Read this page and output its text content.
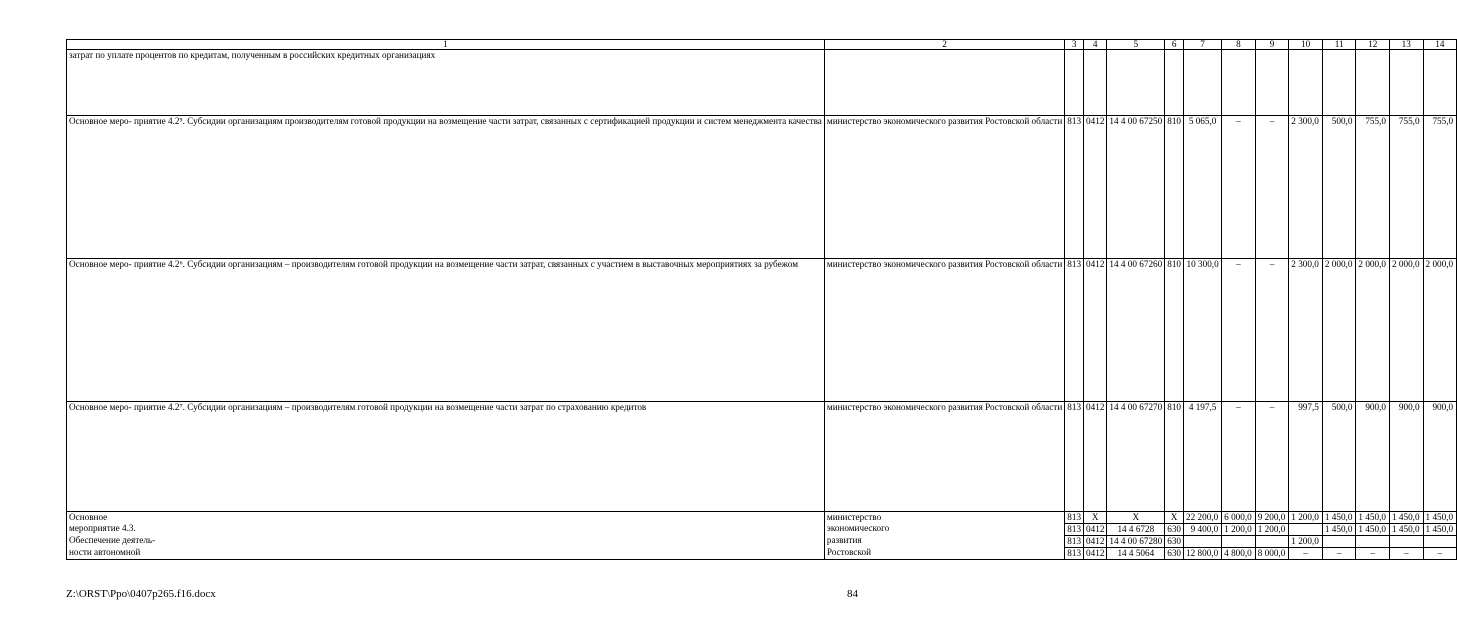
1	2	3	4	5	6	7	8	9	10	11	12	13	14
затрат по уплате процентов по кредитам, полученным в российских кредитных организациях													
Основное меро- приятие 4.2⁵. Субсидии организациям производителям готовой продукции на возмещение части затрат, связанных с сертификацией продукции и систем менеджмента качества	министерство экономического развития Ростовской области	813	0412	14 4 00 67250	810	5 065,0	–	–	2 300,0	500,0	755,0	755,0	755,0
Основное меро- приятие 4.2⁶. Субсидии организациям – производителям готовой продукции на возмещение части затрат, связанных с участием в выставочных мероприятиях за рубежом	министерство экономического развития Ростовской области	813	0412	14 4 00 67260	810	10 300,0	–	–	2 300,0	2 000,0	2 000,0	2 000,0	2 000,0
Основное меро- приятие 4.2⁷. Субсидии организациям – производителям готовой продукции на возмещение части затрат по страхованию кредитов	министерство экономического развития Ростовской области	813	0412	14 4 00 67270	810	4 197,5	–	–	997,5	500,0	900,0	900,0	900,0
Основное	министерство	813	X	X	X	22 200,0	6 000,0	9 200,0	1 200,0	1 450,0	1 450,0	1 450,0	1 450,0
мероприятие 4.3.	экономического	813	0412	14 4 6728	630	9 400,0	1 200,0	1 200,0		1 450,0	1 450,0	1 450,0	1 450,0
Обеспечение деятель-	развития	813	0412	14 4 00 67280	630				1 200,0				
ности автономной	Ростовской	813	0412	14 4 5064	630	12 800,0	4 800,0	8 000,0	–	–	–	–	–
Z:\ORST\Ppo\0407p265.f16.docx	84
